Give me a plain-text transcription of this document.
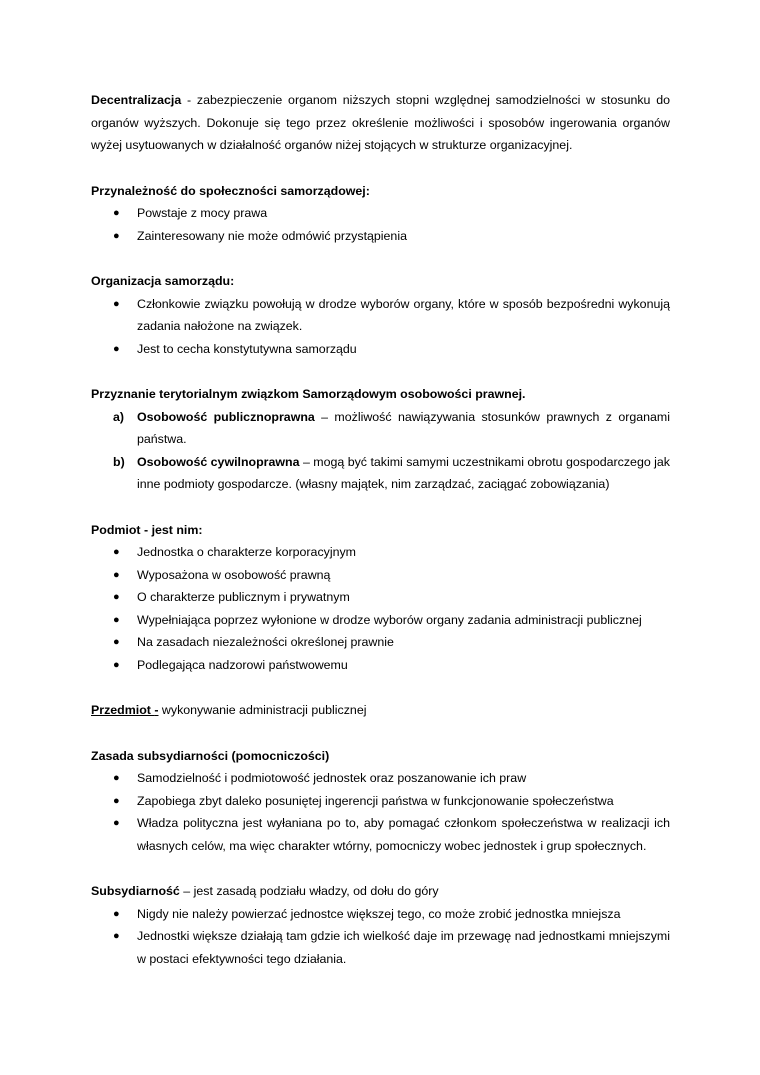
Decentralizacja - zabezpieczenie organom niższych stopni względnej samodzielności w stosunku do organów wyższych. Dokonuje się tego przez określenie możliwości i sposobów ingerowania organów wyżej usytuowanych w działalność organów niżej stojących w strukturze organizacyjnej.

Przynależność do społeczności samorządowej:

● Powstaje z mocy prawa
● Zainteresowany nie może odmówić przystąpienia

Organizacja samorządu:

● Członkowie związku powołują w drodze wyborów organy, które w sposób bezpośredni wykonują zadania nałożone na związek.
● Jest to cecha konstytutywna samorządu

Przyznanie terytorialnym związkom Samorządowym osobowości prawnej.

a) Osobowość publicznoprawna – możliwość nawiązywania stosunków prawnych z organami państwa.
b) Osobowość cywilnoprawna – mogą być takimi samymi uczestnikami obrotu gospodarczego jak inne podmioty gospodarcze. (własny majątek, nim zarządzać, zaciągać zobowiązania)

Podmiot - jest nim:

● Jednostka o charakterze korporacyjnym
● Wyposażona w osobowość prawną
● O charakterze publicznym i prywatnym
● Wypełniająca poprzez wyłonione w drodze wyborów organy zadania administracji publicznej
● Na zasadach niezależności określonej prawnie
● Podlegająca nadzorowi państwowemu

Przedmiot - wykonywanie administracji publicznej

Zasada subsydiarności (pomocniczości)

● Samodzielność i podmiotowość jednostek oraz poszanowanie ich praw
● Zapobiega zbyt daleko posuniętej ingerencji państwa w funkcjonowanie społeczeństwa
● Władza polityczna jest wyłaniana po to, aby pomagać członkom społeczeństwa w realizacji ich własnych celów, ma więc charakter wtórny, pomocniczy wobec jednostek i grup społecznych.

Subsydiarność – jest zasadą podziału władzy, od dołu do góry

● Nigdy nie należy powierzać jednostce większej tego, co może zrobić jednostka mniejsza
● Jednostki większe działają tam gdzie ich wielkość daje im przewagę nad jednostkami mniejszymi w postaci efektywności tego działania.
